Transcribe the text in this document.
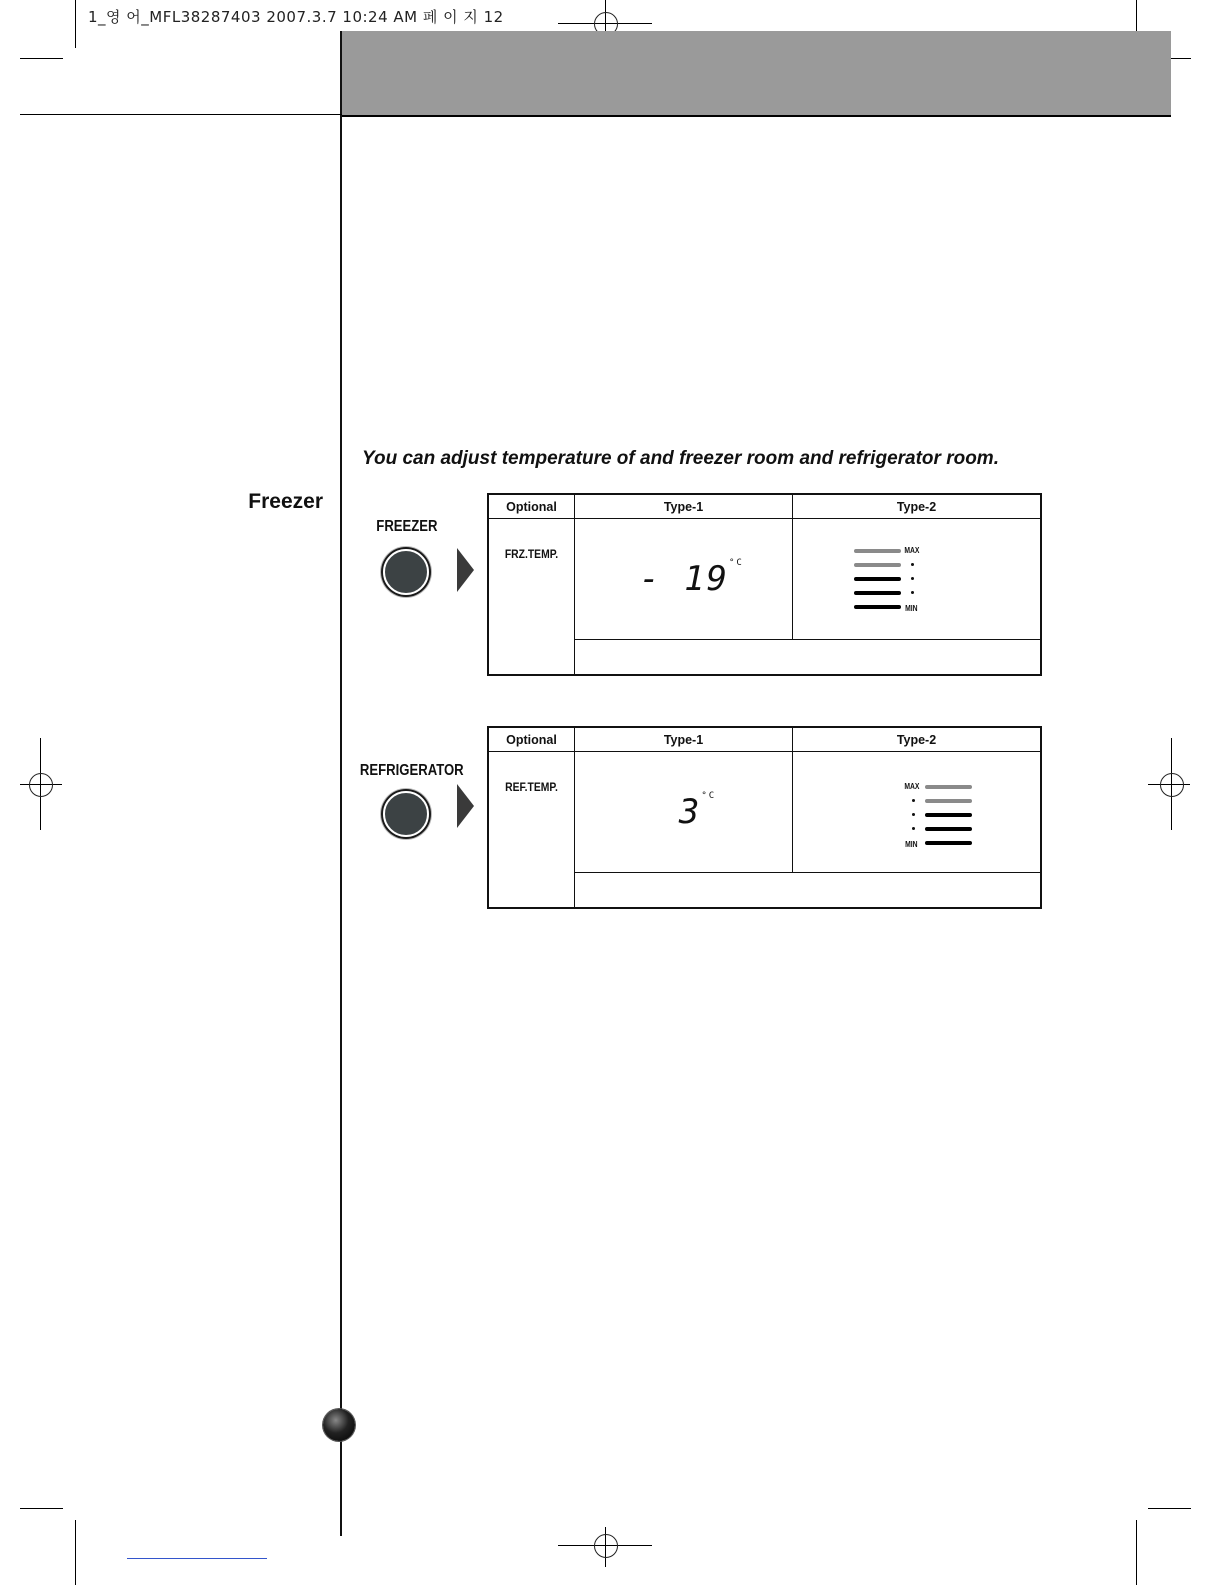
1_영 어_MFL38287403 2007.3.7 10:24 AM 페 이 지 12
Freezer
You can adjust temperature of and freezer room and refrigerator room.
FREEZER
Optional	Type-1	Type-2

FRZ.TEMP.	- $19^{^\circ C}$	MAX
MIN

REFRIGERATOR
Optional	Type-1	Type-2

REF.TEMP.	$3^{^\circ C}$	MAX
MIN
